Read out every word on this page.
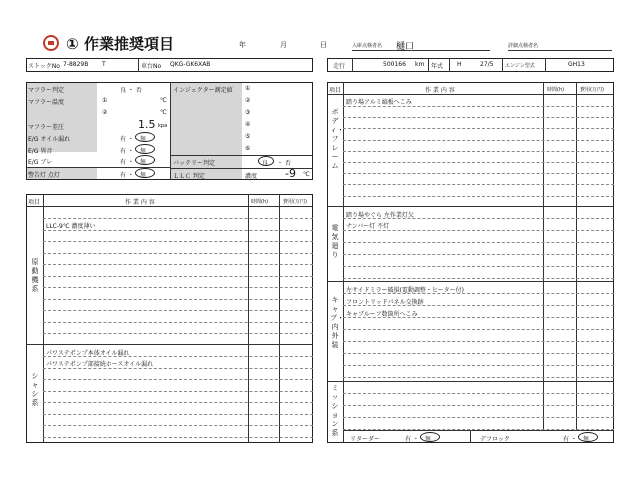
① 作業推奨項目	年	月	日	入庫点検者名 樋口	詳細点検者名
ストックNo 7-8829B T	車台No QKG-GK6XAB	走行	500166 km 年式 H	27/5 エンジン型式	GH13
マフラー判定	良 ・ 否
マフラー温度	①	℃
②	℃
マフラー差圧	1.5 kpa
E/G オイル漏れ	有 ・ 無
E/G 異音	有 ・ 無
E/G ブレ	有 ・ 無
警告灯 点灯	有 ・ 無
インジェクター測定値 ①
②
③
④
⑤
⑥
バッテリー判定	良 ・ 否
ＬＬＣ 判定	濃度	-9 ℃
項目	作 業 内 容	時間(h)	費用(万円)
原動機系
LLC-9℃ 濃度薄い
シャシ系
パワステポンプ本体オイル漏れ
パワステポンプ部接続ホースオイル漏れ
項目	作 業 内 容	時間(h)	費用(万円)
ボディ・フレーム
踏り場アルミ縞板へこみ
電気廻り
踏り場やぐら 左作業灯欠
ナンバー灯 不灯
キャブ・内外装
左サイドミラー破損(電動調整・ヒーター付)
フロントリッドパネル交換跡
キャブルーフ数箇所へこみ
ミッション系
リターダー	有 ・ 無	デフロック	有 ・ 無
